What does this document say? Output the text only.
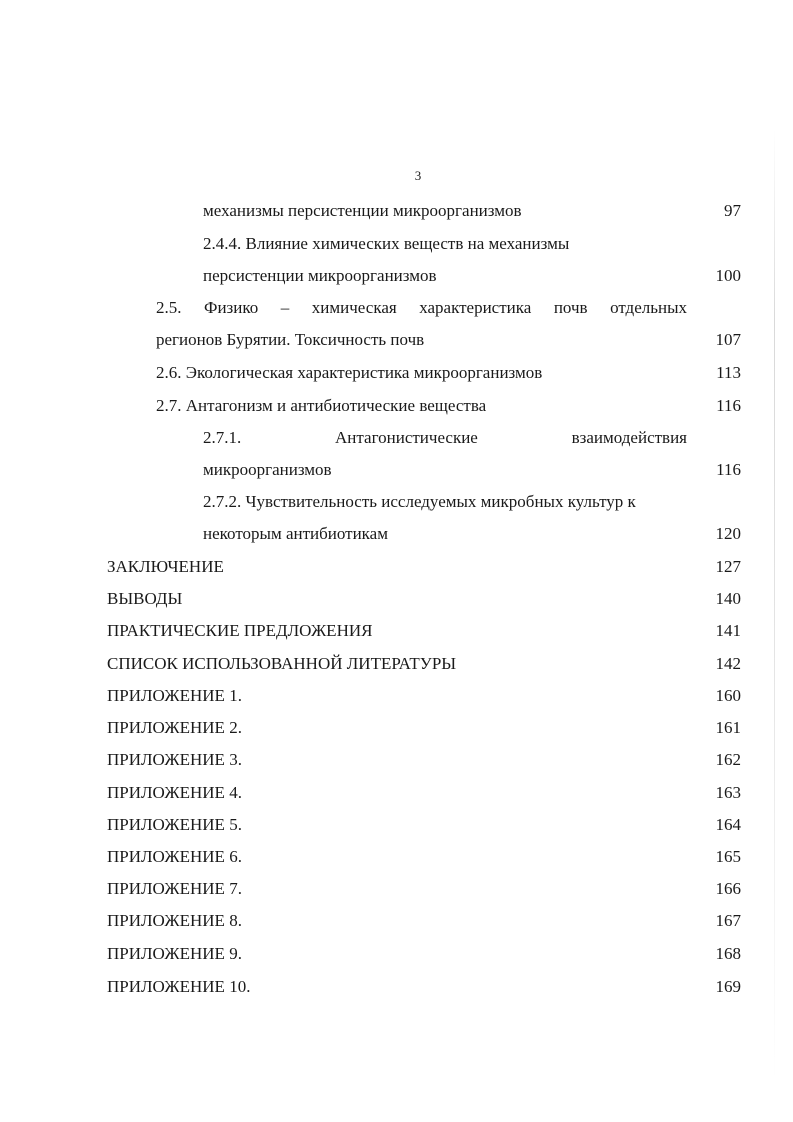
3
механизмы персистенции микроорганизмов	97
2.4.4. Влияние химических веществ на механизмы
персистенции микроорганизмов	100
2.5. Физико – химическая характеристика почв отдельных
регионов Бурятии. Токсичность почв	107
2.6. Экологическая характеристика микроорганизмов	113
2.7. Антагонизм и антибиотические вещества	116
2.7.1.	Антагонистические	взаимодействия
микроорганизмов	116
2.7.2. Чувствительность исследуемых микробных культур к
некоторым антибиотикам	120
ЗАКЛЮЧЕНИЕ	127
ВЫВОДЫ	140
ПРАКТИЧЕСКИЕ ПРЕДЛОЖЕНИЯ	141
СПИСОК ИСПОЛЬЗОВАННОЙ ЛИТЕРАТУРЫ	142
ПРИЛОЖЕНИЕ 1.	160
ПРИЛОЖЕНИЕ 2.	161
ПРИЛОЖЕНИЕ 3.	162
ПРИЛОЖЕНИЕ 4.	163
ПРИЛОЖЕНИЕ 5.	164
ПРИЛОЖЕНИЕ 6.	165
ПРИЛОЖЕНИЕ 7.	166
ПРИЛОЖЕНИЕ 8.	167
ПРИЛОЖЕНИЕ 9.	168
ПРИЛОЖЕНИЕ 10.	169
